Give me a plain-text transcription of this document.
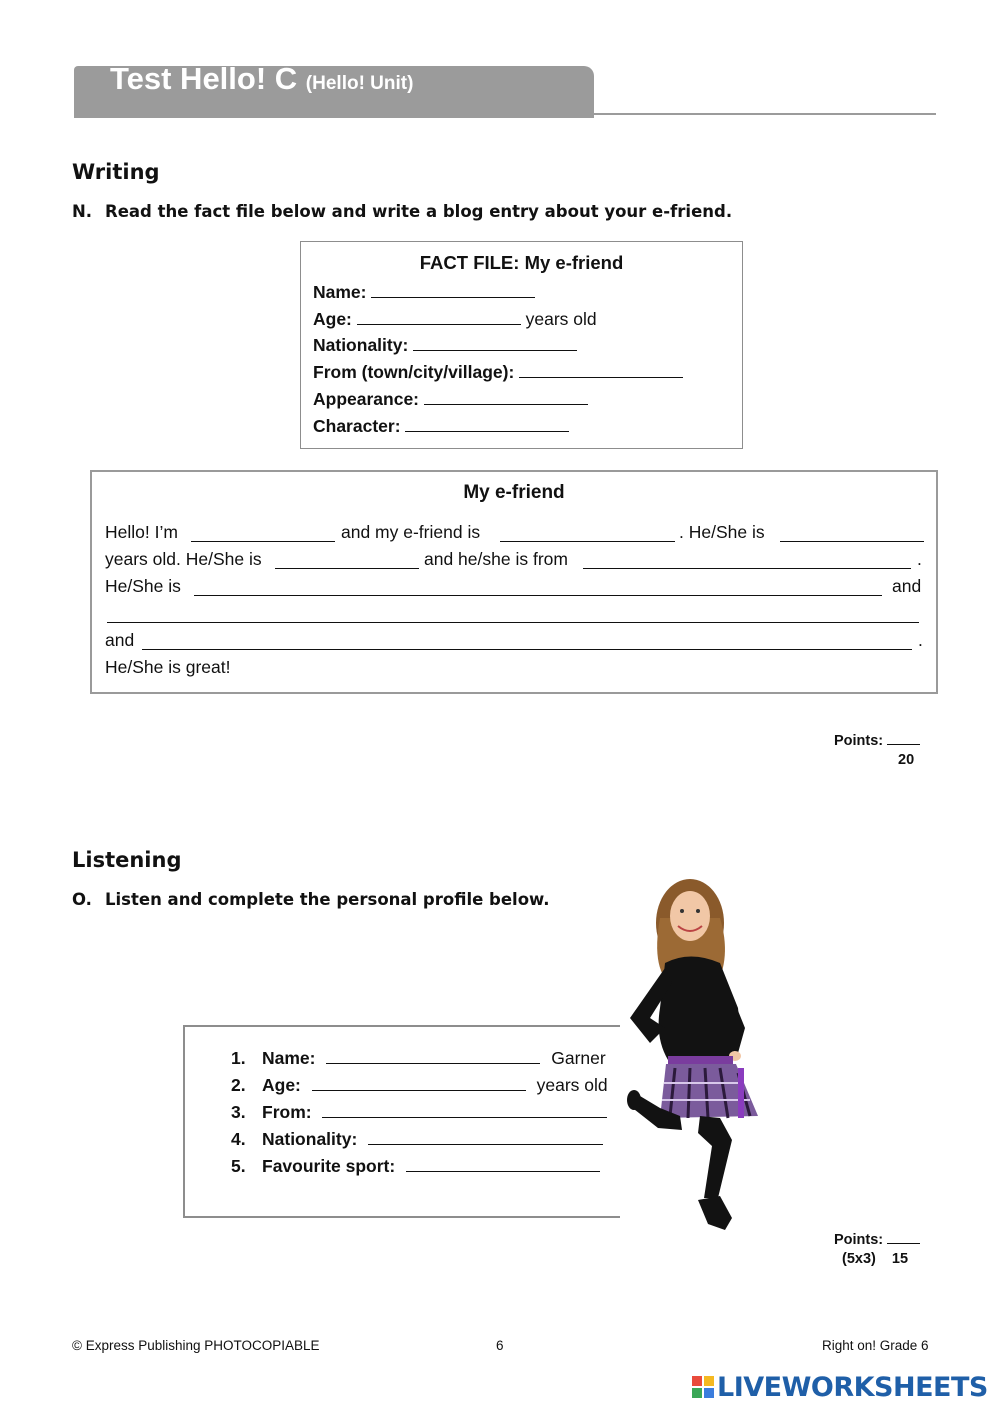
Test Hello! C (Hello! Unit)
Writing
N. Read the fact file below and write a blog entry about your e-friend.
FACT FILE: My e-friend
Name:
Age:	years old
Nationality:
From (town/city/village):
Appearance:
Character:
My e-friend
Hello! I’m	and my e-friend is	. He/She is
years old. He/She is	and he/she is from	.
He/She is	and
and	.
He/She is great!
Points:
20
Listening
O. Listen and complete the personal profile below.
1. Name:	Garner
2. Age:	years old
3. From:
4. Nationality:
5. Favourite sport:
Points:
(5x3) 15
© Express Publishing PHOTOCOPIABLE	6	Right on! Grade 6
LIVEWORKSHEETS
